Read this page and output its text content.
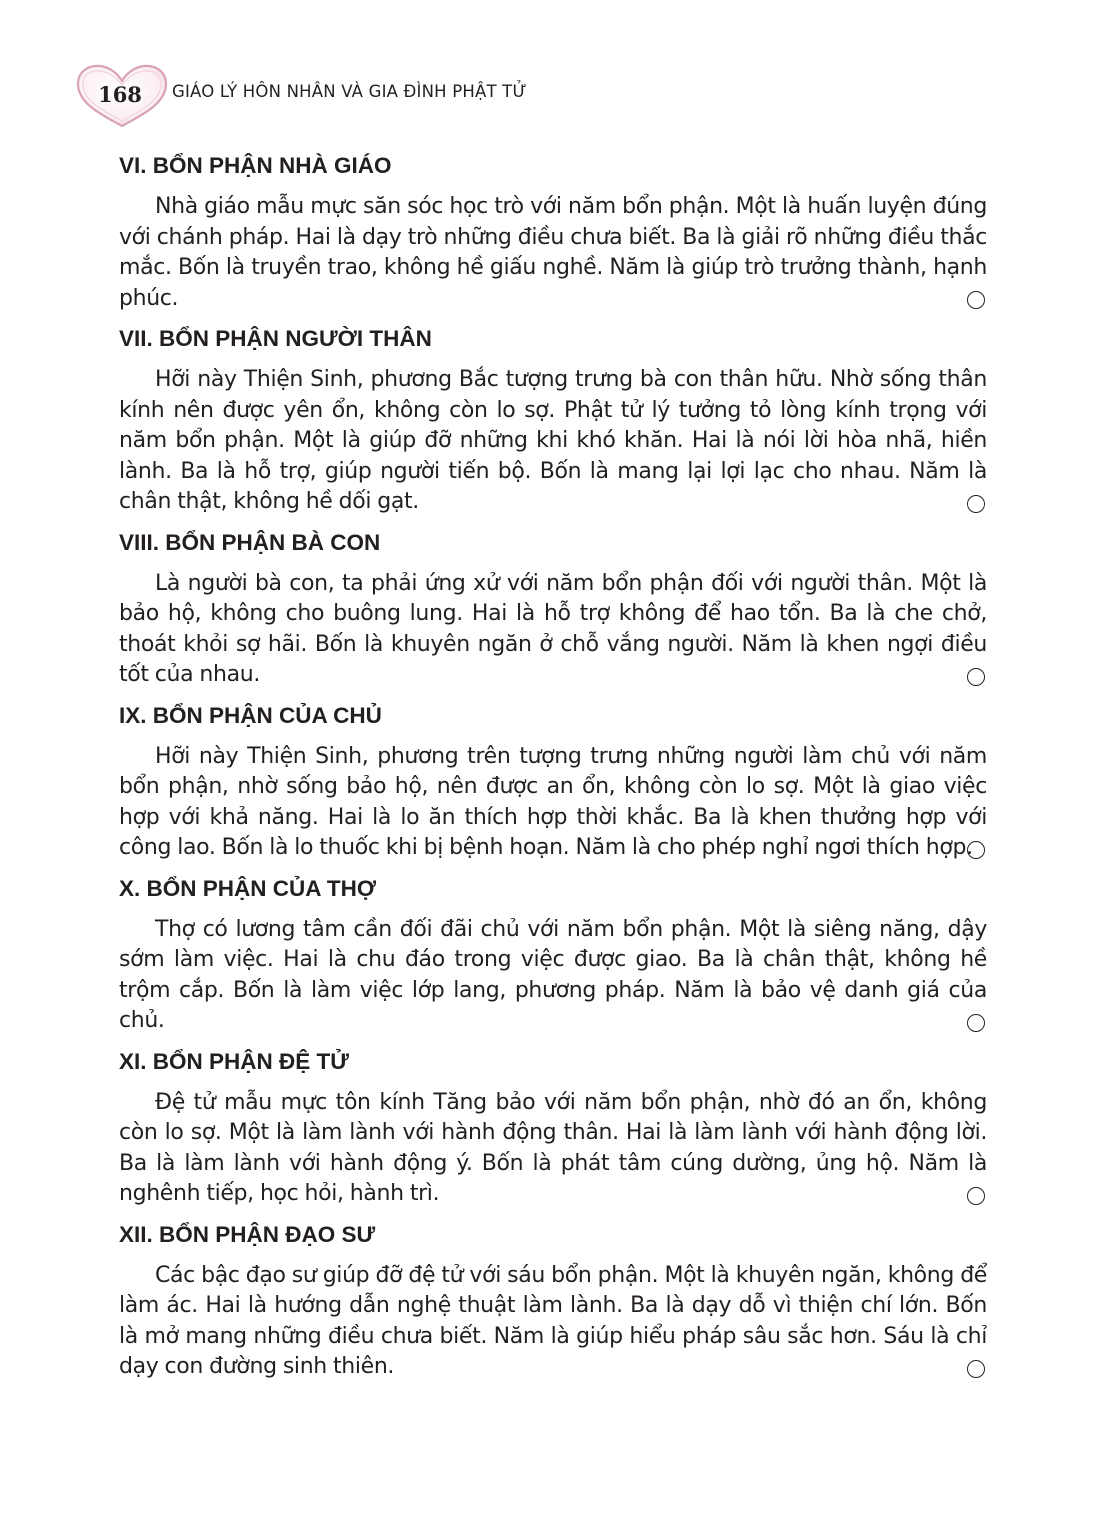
168	GIÁO LÝ HÔN NHÂN VÀ GIA ĐÌNH PHẬT TỬ
VI. BỔN PHẬN NHÀ GIÁO
Nhà giáo mẫu mực săn sóc học trò với năm bổn phận. Một là huấn luyện đúng với chánh pháp. Hai là dạy trò những điều chưa biết. Ba là giải rõ những điều thắc mắc. Bốn là truyền trao, không hề giấu nghề. Năm là giúp trò trưởng thành, hạnh phúc.
VII. BỔN PHẬN NGƯỜI THÂN
Hỡi này Thiện Sinh, phương Bắc tượng trưng bà con thân hữu. Nhờ sống thân kính nên được yên ổn, không còn lo sợ. Phật tử lý tưởng tỏ lòng kính trọng với năm bổn phận. Một là giúp đỡ những khi khó khăn. Hai là nói lời hòa nhã, hiền lành. Ba là hỗ trợ, giúp người tiến bộ. Bốn là mang lại lợi lạc cho nhau. Năm là chân thật, không hề dối gạt.
VIII. BỔN PHẬN BÀ CON
Là người bà con, ta phải ứng xử với năm bổn phận đối với người thân. Một là bảo hộ, không cho buông lung. Hai là hỗ trợ không để hao tổn. Ba là che chở, thoát khỏi sợ hãi. Bốn là khuyên ngăn ở chỗ vắng người. Năm là khen ngợi điều tốt của nhau.
IX. BỔN PHẬN CỦA CHỦ
Hỡi này Thiện Sinh, phương trên tượng trưng những người làm chủ với năm bổn phận, nhờ sống bảo hộ, nên được an ổn, không còn lo sợ. Một là giao việc hợp với khả năng. Hai là lo ăn thích hợp thời khắc. Ba là khen thưởng hợp với công lao. Bốn là lo thuốc khi bị bệnh hoạn. Năm là cho phép nghỉ ngơi thích hợp.
X. BỔN PHẬN CỦA THỢ
Thợ có lương tâm cần đối đãi chủ với năm bổn phận. Một là siêng năng, dậy sớm làm việc. Hai là chu đáo trong việc được giao. Ba là chân thật, không hề trộm cắp. Bốn là làm việc lớp lang, phương pháp. Năm là bảo vệ danh giá của chủ.
XI. BỔN PHẬN ĐỆ TỬ
Đệ tử mẫu mực tôn kính Tăng bảo với năm bổn phận, nhờ đó an ổn, không còn lo sợ. Một là làm lành với hành động thân. Hai là làm lành với hành động lời. Ba là làm lành với hành động ý. Bốn là phát tâm cúng dường, ủng hộ. Năm là nghênh tiếp, học hỏi, hành trì.
XII. BỔN PHẬN ĐẠO SƯ
Các bậc đạo sư giúp đỡ đệ tử với sáu bổn phận. Một là khuyên ngăn, không để làm ác. Hai là hướng dẫn nghệ thuật làm lành. Ba là dạy dỗ vì thiện chí lớn. Bốn là mở mang những điều chưa biết. Năm là giúp hiểu pháp sâu sắc hơn. Sáu là chỉ dạy con đường sinh thiên.
